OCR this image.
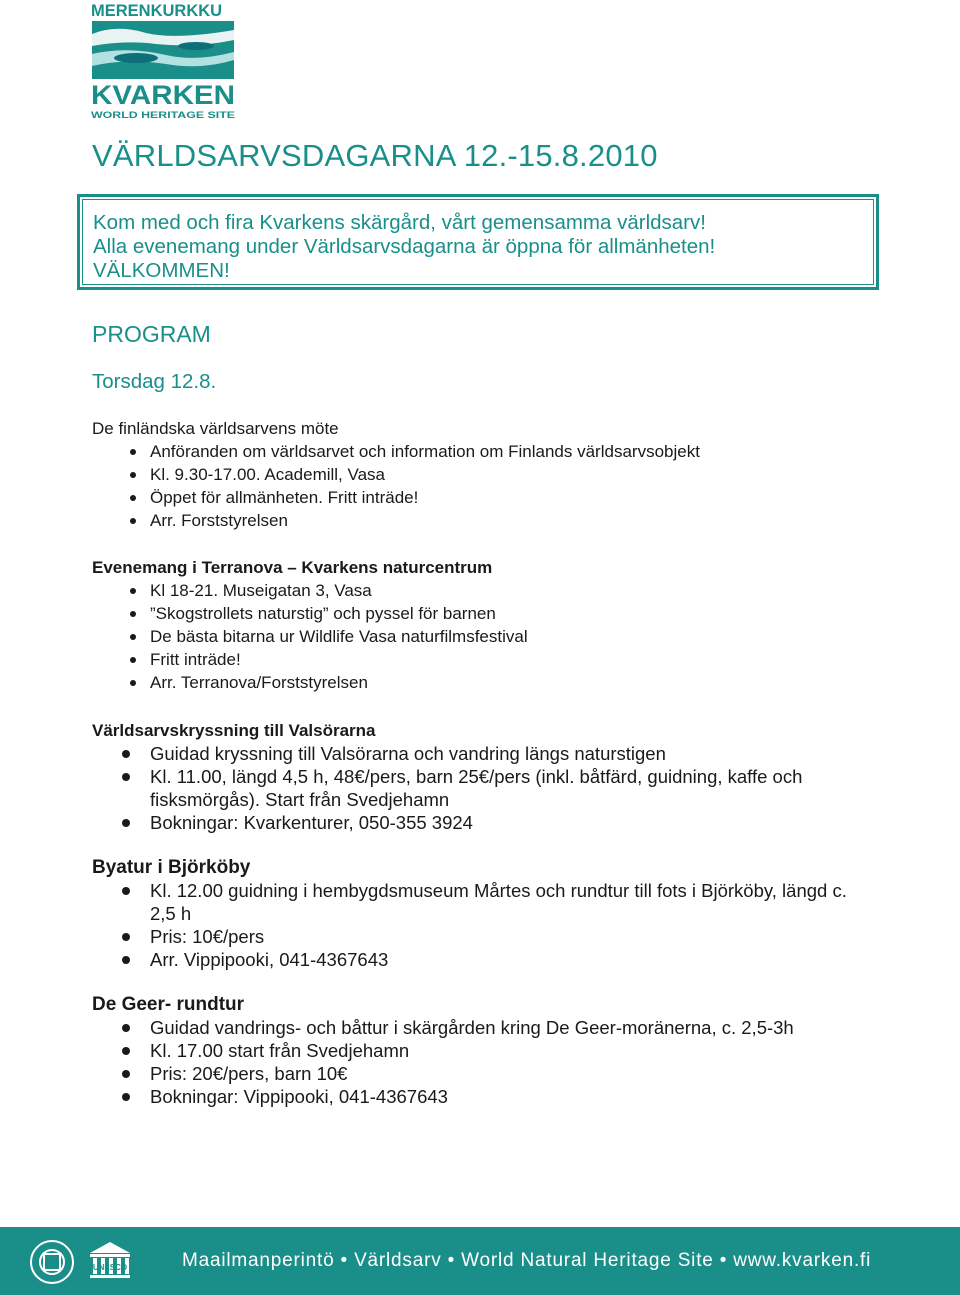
MERENKURKKU
KVARKEN
WORLD HERITAGE SITE
VÄRLDSARVSDAGARNA 12.-15.8.2010

Kom med och fira Kvarkens skärgård, vårt gemensamma världsarv!
Alla evenemang under Världsarvsdagarna är öppna för allmänheten!
VÄLKOMMEN!

PROGRAM
Torsdag 12.8.
De finländska världsarvens möte
Anföranden om världsarvet och information om Finlands världsarvsobjekt
Kl. 9.30-17.00. Academill, Vasa
Öppet för allmänheten. Fritt inträde!
Arr. Forststyrelsen
Evenemang i Terranova – Kvarkens naturcentrum
Kl 18-21. Museigatan 3, Vasa
”Skogstrollets naturstig” och pyssel för barnen
De bästa bitarna ur Wildlife Vasa naturfilmsfestival
Fritt inträde!
Arr. Terranova/Forststyrelsen
Världsarvskryssning till Valsörarna
Guidad kryssning till Valsörarna och vandring längs naturstigen
Kl. 11.00, längd 4,5 h, 48€/pers, barn 25€/pers (inkl. båtfärd, guidning, kaffe och fisksmörgås). Start från Svedjehamn
Bokningar: Kvarkenturer, 050-355 3924
Byatur i Björköby
Kl. 12.00 guidning i hembygdsmuseum Mårtes och rundtur till fots i Björköby, längd c. 2,5 h
Pris: 10€/pers
Arr. Vippipooki, 041-4367643
De Geer- rundtur
Guidad vandrings- och båttur i skärgården kring De Geer-moränerna, c. 2,5-3h
Kl. 17.00 start från Svedjehamn
Pris: 20€/pers, barn 10€
Bokningar: Vippipooki, 041-4367643
UNESCO	Maailmanperintö • Världsarv • World Natural Heritage Site • www.kvarken.fi
